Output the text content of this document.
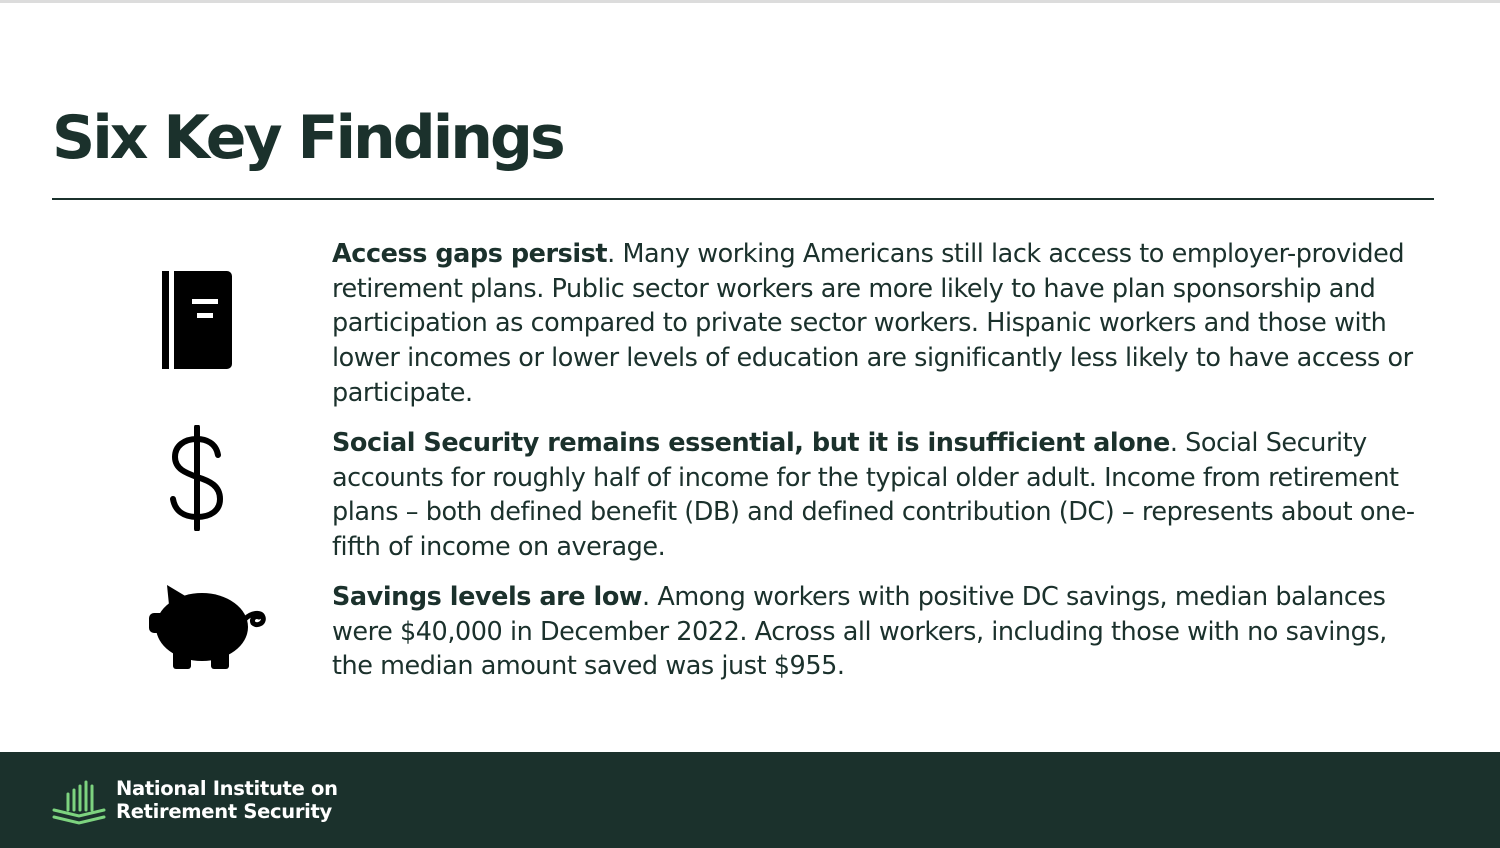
Six Key Findings

Access gaps persist. Many working Americans still lack access to employer-provided retirement plans. Public sector workers are more likely to have plan sponsorship and participation as compared to private sector workers. Hispanic workers and those with lower incomes or lower levels of education are significantly less likely to have access or participate.

Social Security remains essential, but it is insufficient alone. Social Security accounts for roughly half of income for the typical older adult. Income from retirement plans – both defined benefit (DB) and defined contribution (DC) – represents about one-fifth of income on average.

Savings levels are low. Among workers with positive DC savings, median balances were $40,000 in December 2022. Across all workers, including those with no savings, the median amount saved was just $955.

National Institute on
Retirement Security
